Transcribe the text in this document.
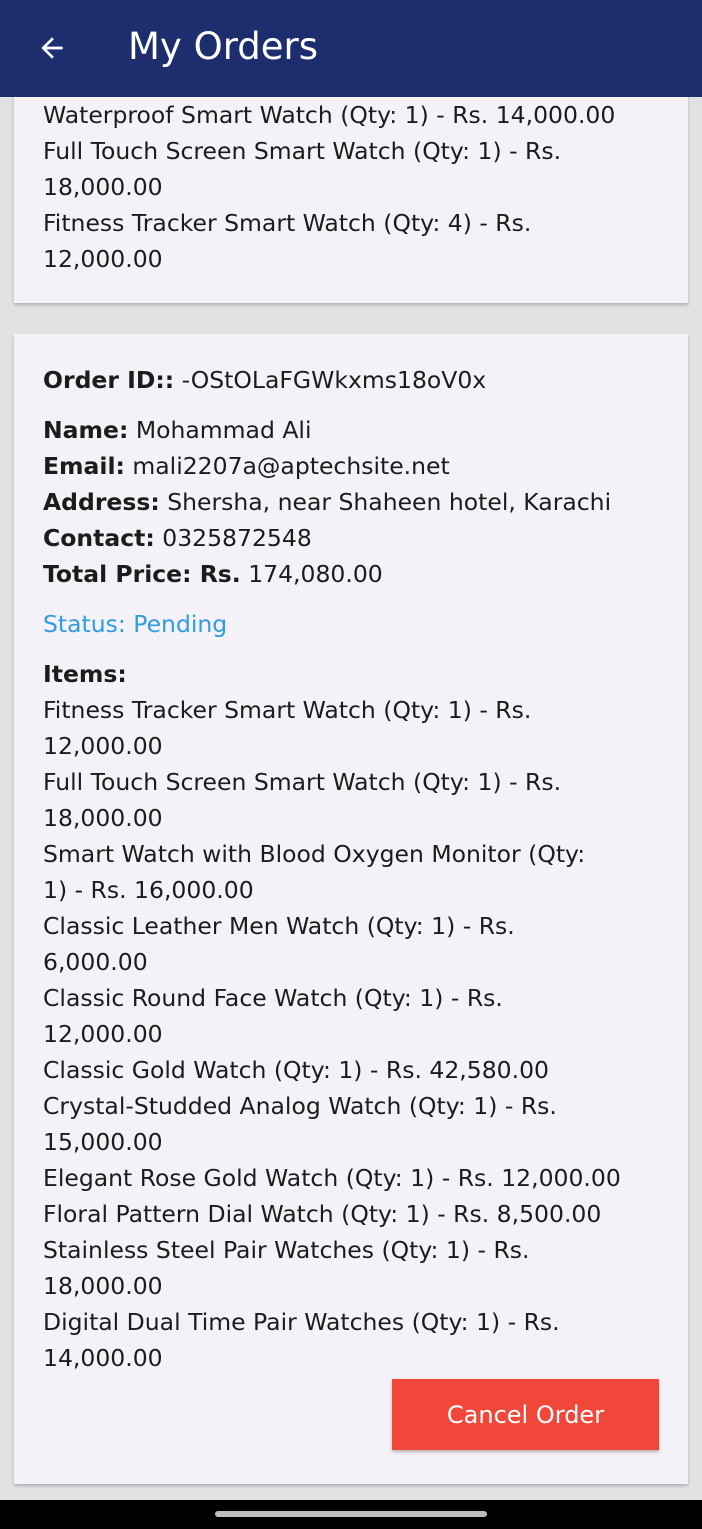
My Orders
Waterproof Smart Watch (Qty: 1) - Rs. 14,000.00
Full Touch Screen Smart Watch (Qty: 1) - Rs.
18,000.00
Fitness Tracker Smart Watch (Qty: 4) - Rs.
12,000.00
Order ID:: -OStOLaFGWkxms18oV0x
Name: Mohammad Ali
Email: mali2207a@aptechsite.net
Address: Shersha, near Shaheen hotel, Karachi
Contact: 0325872548
Total Price: Rs. 174,080.00
Status: Pending
Items:
Fitness Tracker Smart Watch (Qty: 1) - Rs.
12,000.00
Full Touch Screen Smart Watch (Qty: 1) - Rs.
18,000.00
Smart Watch with Blood Oxygen Monitor (Qty:
1) - Rs. 16,000.00
Classic Leather Men Watch (Qty: 1) - Rs.
6,000.00
Classic Round Face Watch (Qty: 1) - Rs.
12,000.00
Classic Gold Watch (Qty: 1) - Rs. 42,580.00
Crystal-Studded Analog Watch (Qty: 1) - Rs.
15,000.00
Elegant Rose Gold Watch (Qty: 1) - Rs. 12,000.00
Floral Pattern Dial Watch (Qty: 1) - Rs. 8,500.00
Stainless Steel Pair Watches (Qty: 1) - Rs.
18,000.00
Digital Dual Time Pair Watches (Qty: 1) - Rs.
14,000.00
Cancel Order
